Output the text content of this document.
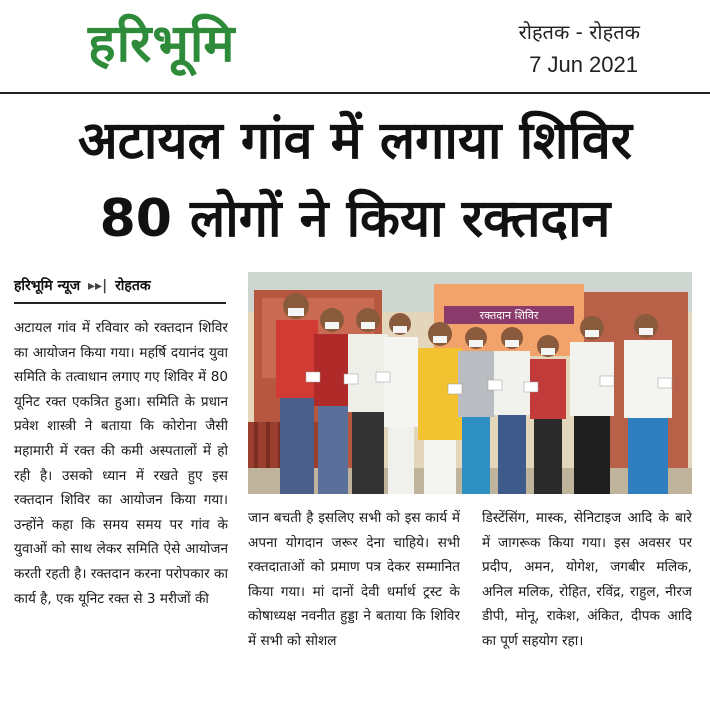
हरिभूमि	रोहतक - रोहतक
7 Jun 2021
अटायल गांव में लगाया शिविर
80 लोगों ने किया रक्तदान
हरिभूमि न्यूज ▸▸| रोहतक
अटायल गांव में रविवार को रक्तदान शिविर का आयोजन किया गया। महर्षि दयानंद युवा समिति के तत्वाधान लगाए गए शिविर में 80 यूनिट रक्त एकत्रित हुआ। समिति के प्रधान प्रवेश शास्त्री ने बताया कि कोरोना जैसी महामारी में रक्त की कमी अस्पतालों में हो रही है। उसको ध्यान में रखते हुए इस रक्तदान शिविर का आयोजन किया गया। उन्होंने कहा कि समय समय पर गांव के युवाओं को साथ लेकर समिति ऐसे आयोजन करती रहती है। रक्तदान करना परोपकार का कार्य है, एक यूनिट रक्त से 3 मरीजों की
रक्तदान शिविर
जान बचती है इसलिए सभी को इस कार्य में अपना योगदान जरूर देना चाहिये। सभी रक्तदाताओं को प्रमाण पत्र देकर सम्मानित किया गया। मां दानों देवी धर्मार्थ ट्रस्ट के कोषाध्यक्ष नवनीत हुड्डा ने बताया कि शिविर में सभी को सोशल
डिस्टेंसिंग, मास्क, सेनिटाइज आदि के बारे में जागरूक किया गया। इस अवसर पर प्रदीप, अमन, योगेश, जगबीर मलिक, अनिल मलिक, रोहित, रविंद्र, राहुल, नीरज डीपी, मोनू, राकेश, अंकित, दीपक आदि का पूर्ण सहयोग रहा।
